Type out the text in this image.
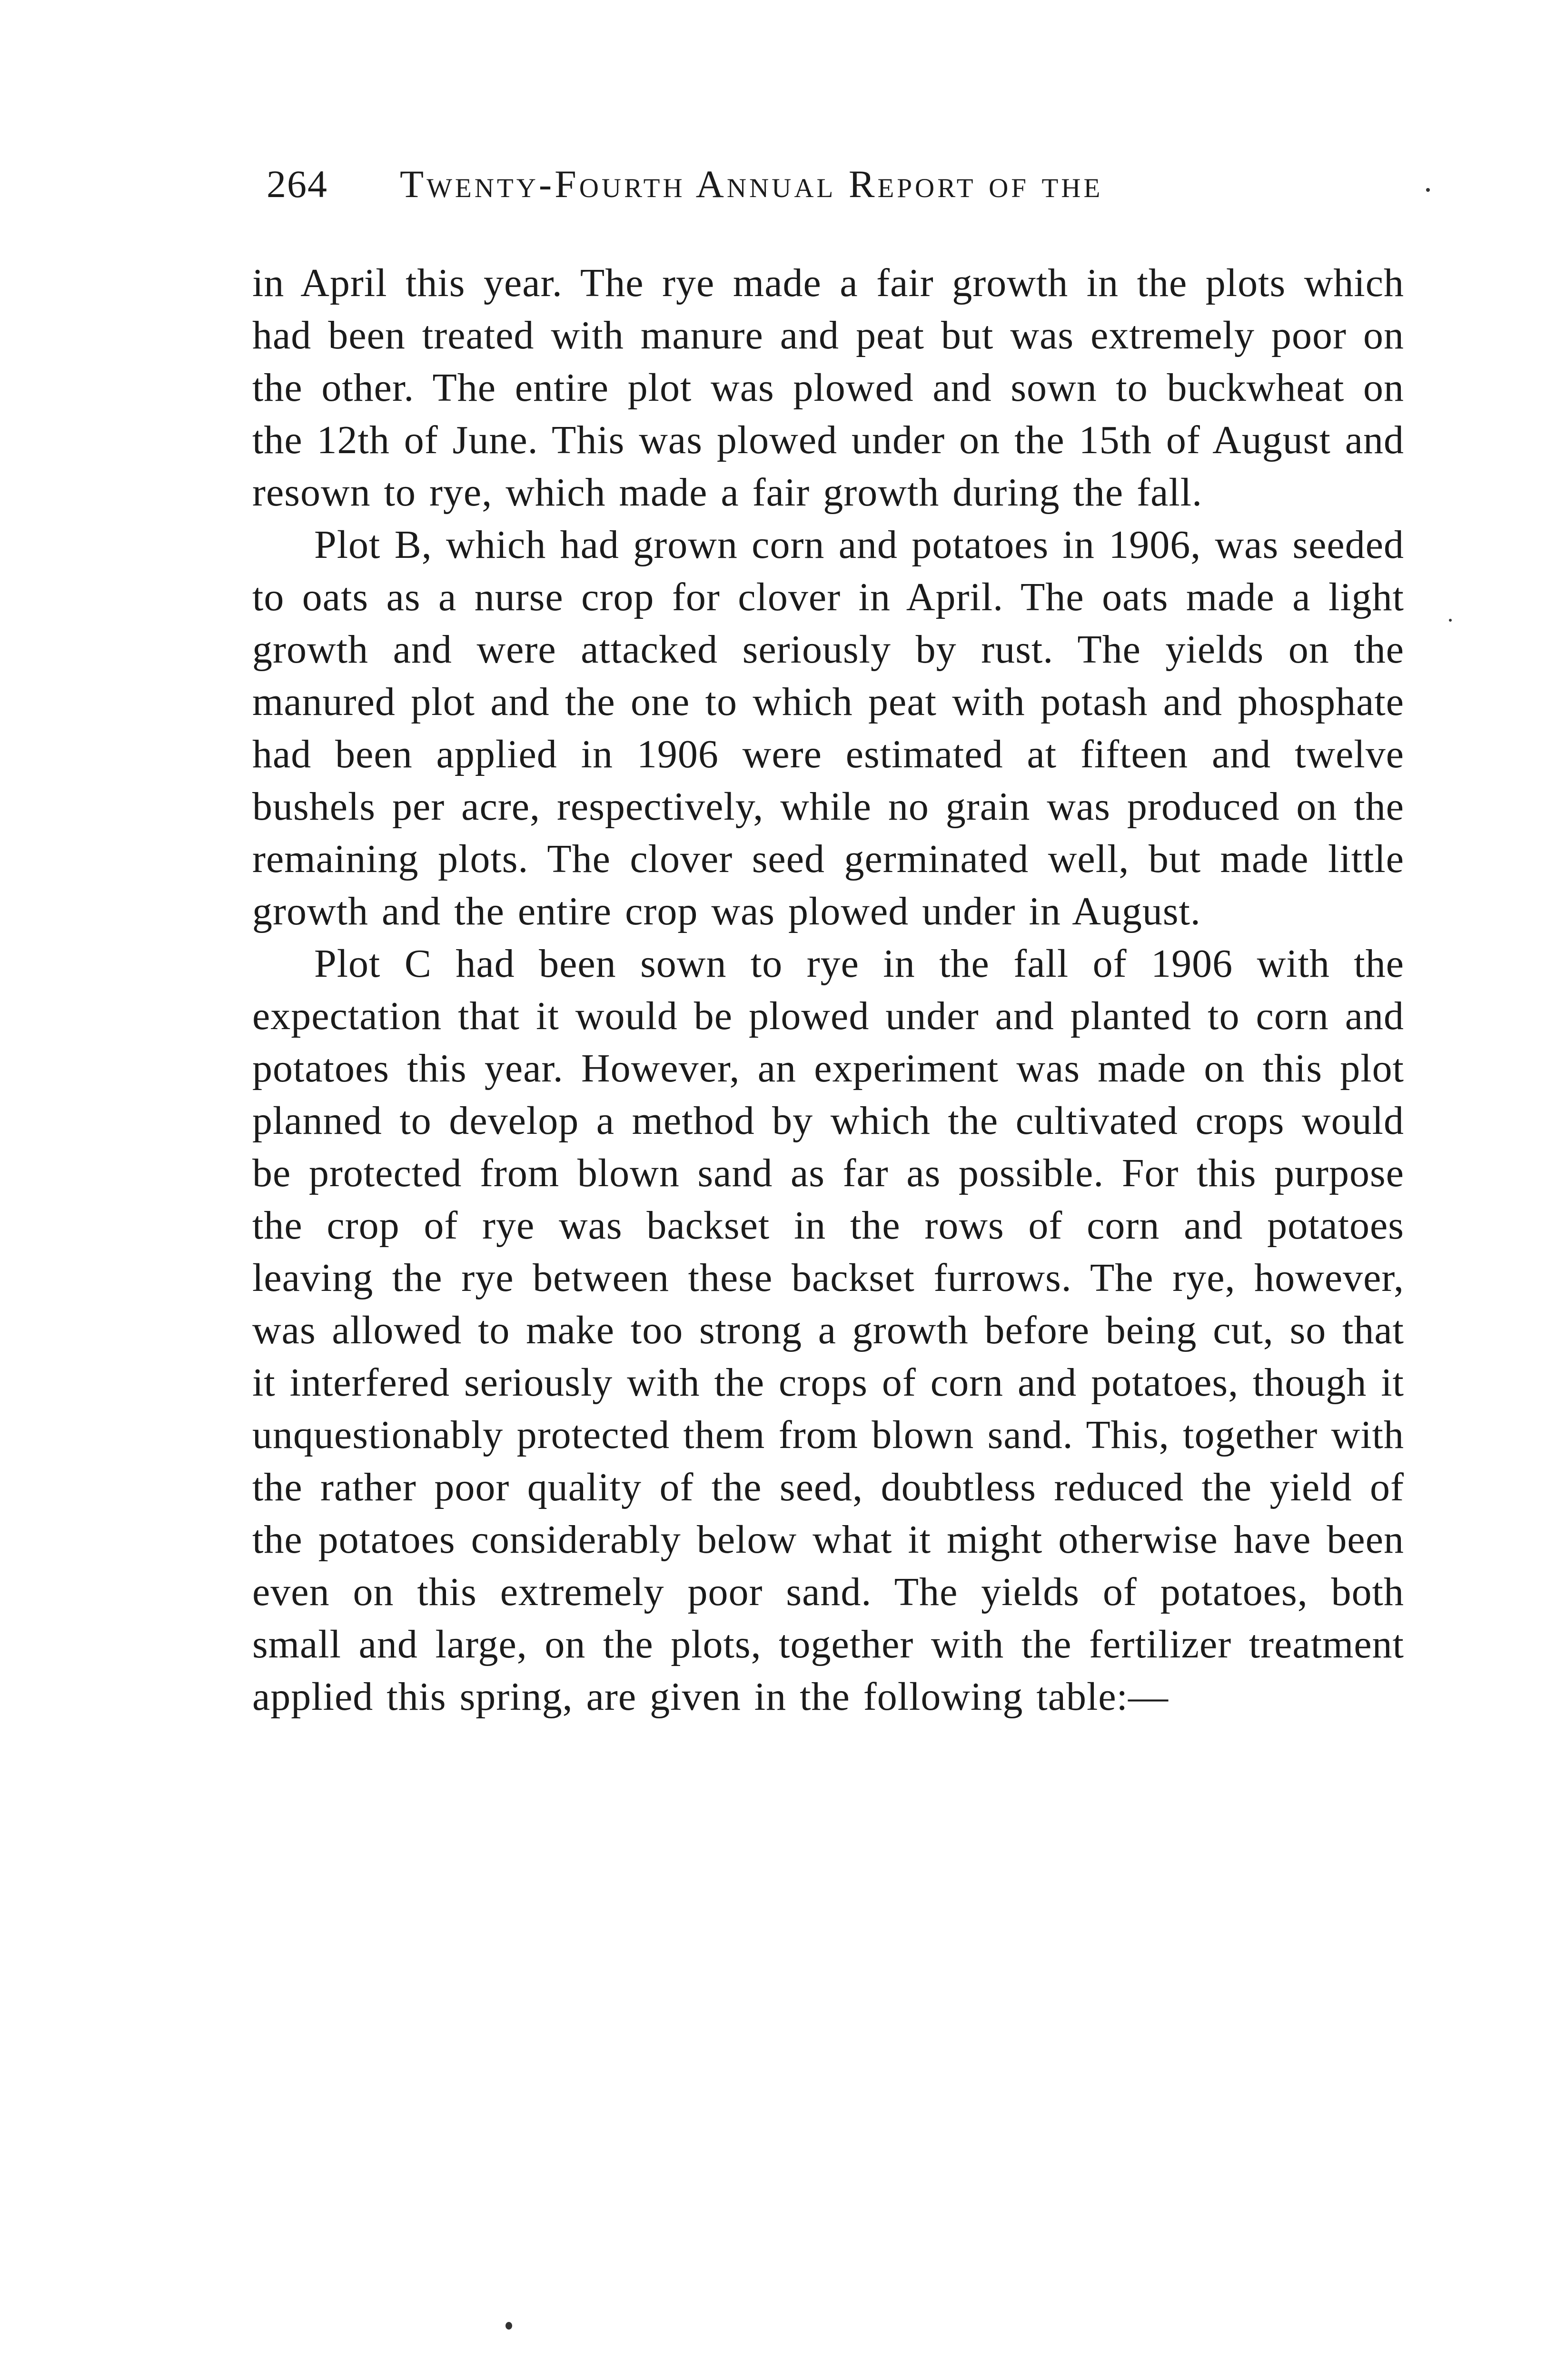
264 Twenty-Fourth Annual Report of the

in April this year. The rye made a fair growth in the plots which had been treated with manure and peat but was extremely poor on the other. The entire plot was plowed and sown to buckwheat on the 12th of June. This was plowed under on the 15th of August and resown to rye, which made a fair growth during the fall.

Plot B, which had grown corn and potatoes in 1906, was seeded to oats as a nurse crop for clover in April. The oats made a light growth and were attacked seriously by rust. The yields on the manured plot and the one to which peat with potash and phosphate had been applied in 1906 were estimated at fifteen and twelve bushels per acre, respectively, while no grain was produced on the remaining plots. The clover seed germinated well, but made little growth and the entire crop was plowed under in August.

Plot C had been sown to rye in the fall of 1906 with the expectation that it would be plowed under and planted to corn and potatoes this year. However, an experiment was made on this plot planned to develop a method by which the cultivated crops would be protected from blown sand as far as possible. For this purpose the crop of rye was backset in the rows of corn and potatoes leaving the rye between these backset furrows. The rye, however, was allowed to make too strong a growth before being cut, so that it interfered seriously with the crops of corn and potatoes, though it unquestionably protected them from blown sand. This, together with the rather poor quality of the seed, doubtless reduced the yield of the potatoes considerably below what it might otherwise have been even on this extremely poor sand. The yields of potatoes, both small and large, on the plots, together with the fertilizer treatment applied this spring, are given in the following table:—
